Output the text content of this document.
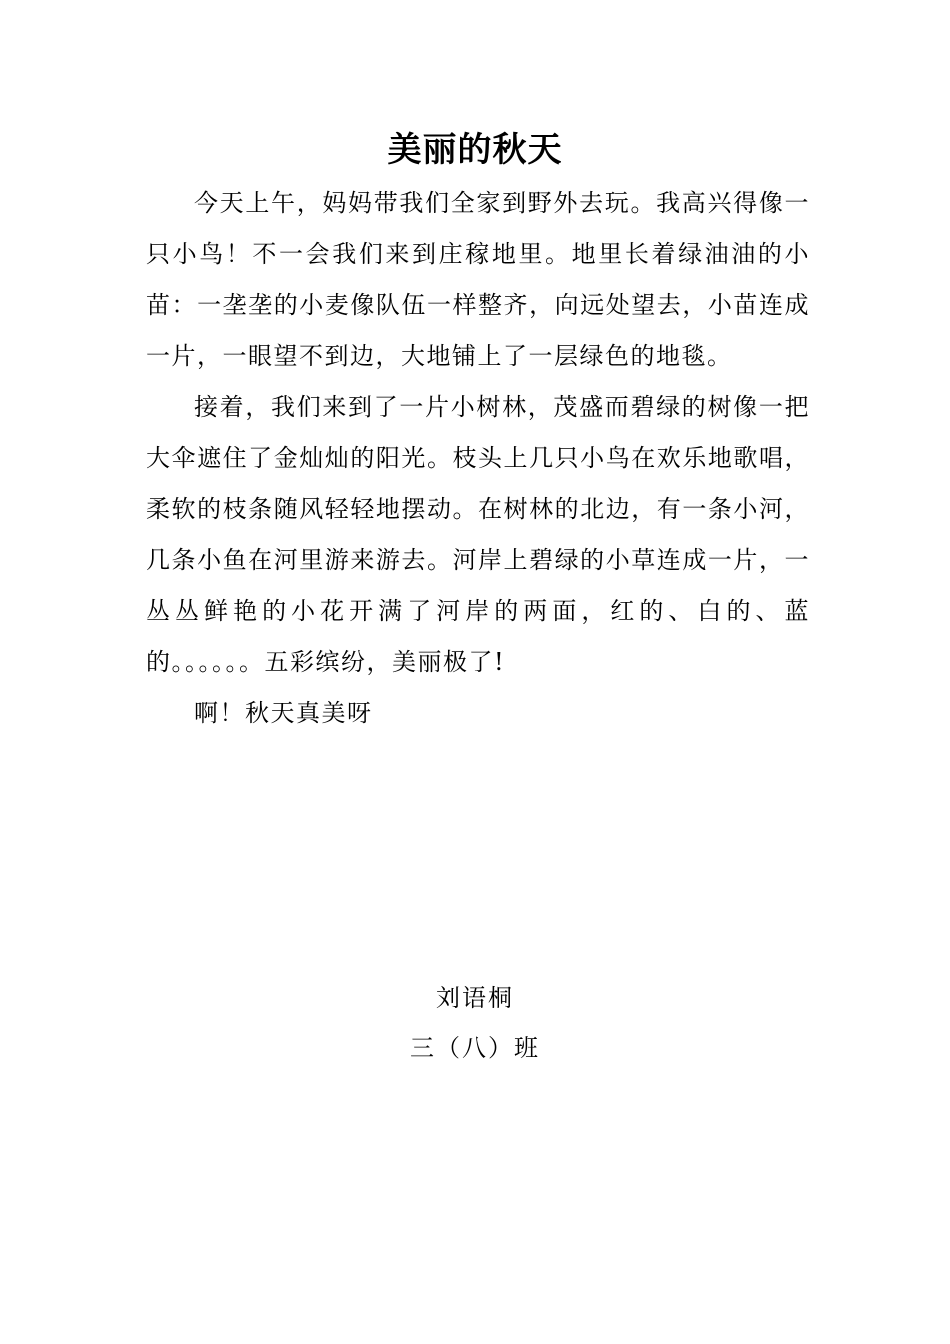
美丽的秋天

今天上午，妈妈带我们全家到野外去玩。我高兴得像一只小鸟！不一会我们来到庄稼地里。地里长着绿油油的小苗：一垄垄的小麦像队伍一样整齐，向远处望去，小苗连成一片，一眼望不到边，大地铺上了一层绿色的地毯。

接着，我们来到了一片小树林，茂盛而碧绿的树像一把大伞遮住了金灿灿的阳光。枝头上几只小鸟在欢乐地歌唱，柔软的枝条随风轻轻地摆动。在树林的北边，有一条小河，几条小鱼在河里游来游去。河岸上碧绿的小草连成一片，一丛丛鲜艳的小花开满了河岸的两面，红的、白的、蓝的。。。。。。五彩缤纷，美丽极了!

啊！秋天真美呀

刘语桐
三（八）班
